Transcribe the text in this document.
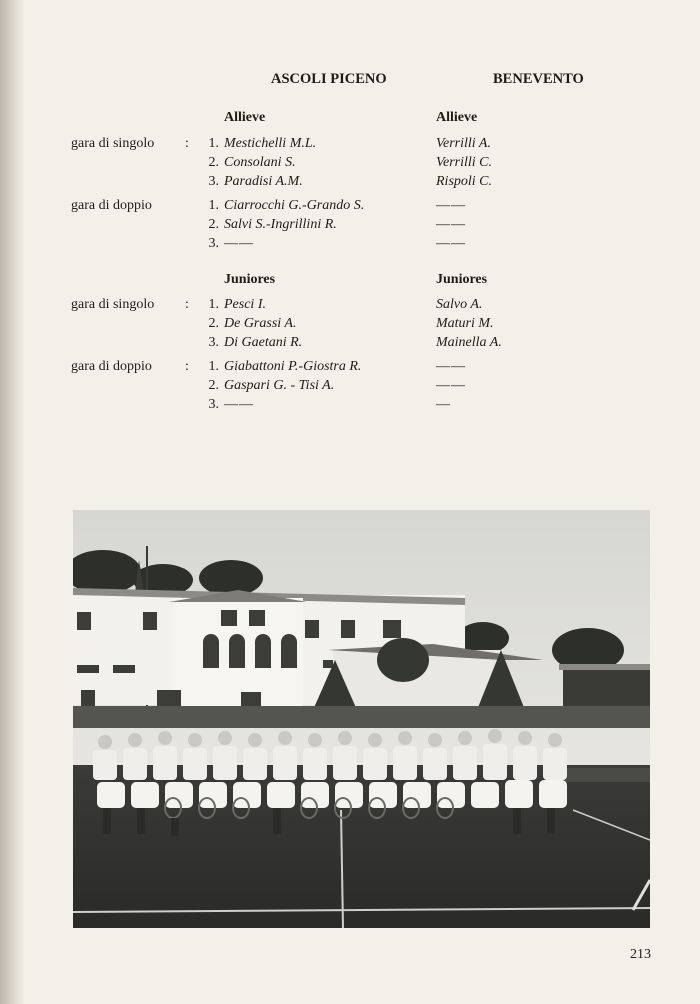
ASCOLI PICENO	BENEVENTO
Allieve	Allieve
gara di singolo : 1. Mestichelli M.L.	Verrilli A.
2. Consolani S.	Verrilli C.
3. Paradisi A.M.	Rispoli C.
gara di doppio	1. Ciarrocchi G.-Grando S.	——
2. Salvi S.-Ingrillini R.	——
3. ——	——
Juniores	Juniores
gara di singolo : 1. Pesci I.	Salvo A.
2. De Grassi A.	Maturi M.
3. Di Gaetani R.	Mainella A.
gara di doppio : 1. Giabattoni P.-Giostra R.	——
2. Gaspari G. - Tisi A.	——
3. ——	—
213
